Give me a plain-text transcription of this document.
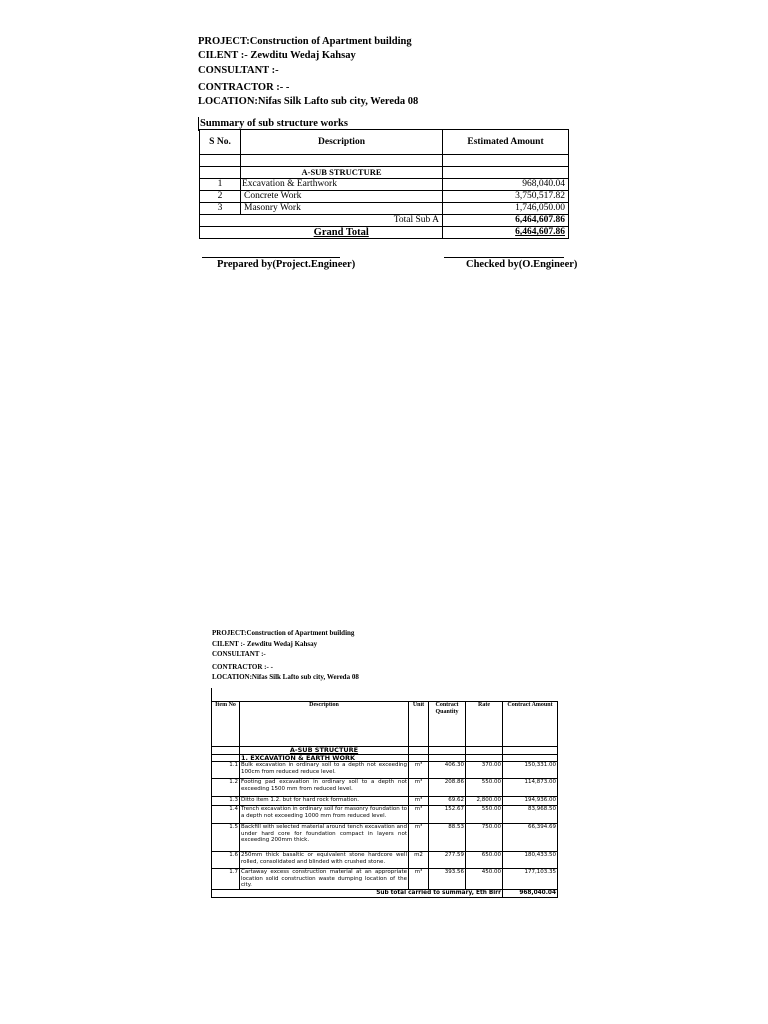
PROJECT:Construction of Apartment building
CILENT :- Zewditu Wedaj Kahsay
CONSULTANT :-
CONTRACTOR :- -
LOCATION:Nifas Silk Lafto sub city, Wereda 08
Summary of sub structure works
S No.	Description	Estimated Amount

	A-SUB STRUCTURE	
1	Excavation & Earthwork	968,040.04
2	Concrete Work	3,750,517.82
3	Masonry Work	1,746,050.00
	Total Sub A	6,464,607.86
	Grand Total	6,464,607.86
Prepared by(Project.Engineer)	Checked by(O.Engineer)
PROJECT:Construction of Apartment building
CILENT :- Zewditu Wedaj Kahsay
CONSULTANT :-
CONTRACTOR :- -
LOCATION:Nifas Silk Lafto sub city, Wereda 08
Item No	Description	Unit	Contract Quantity	Rate	Contract Amount
	A-SUB STRUCTURE				
	1. EXCAVATION & EARTH WORK				
1.1	Bulk excavation in ordinary soil to a depth not exceeding 100cm from reduced reduce level.	m³	406.30	370.00	150,331.00
1.2	Footing pad excavation in ordinary soil to a depth not exceeding 1500 mm from reduced level.	m³	208.86	550.00	114,873.00
1.3	Ditto item 1.2. but for hard rock formation.	m³	69.62	2,800.00	194,936.00
1.4	Trench excavation in ordinary soil for masonry foundation to a depth not exceeding 1000 mm from reduced level.	m³	152.67	550.00	83,968.50
1.5	Backfill with selected material around tench excavation and under hard core for foundation compact in layers not exceeding 200mm thick.	m³	88.53	750.00	66,394.69
1.6	250mm thick basaltic or equivalent stone hardcore well rolled, consolidated and blinded with crushed stone.	m2	277.59	650.00	180,433.50
1.7	Cartaway excess construction material at an appropriate location solid construction waste dumping location of the city.	m³	393.56	450.00	177,103.35
Sub total carried to summary, Eth Birr					968,040.04
